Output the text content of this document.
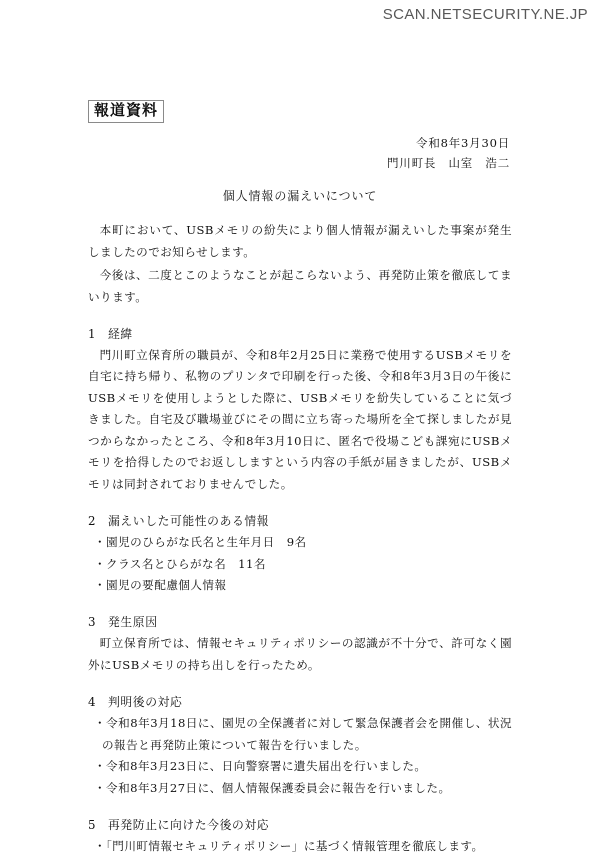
SCAN.NETSECURITY.NE.JP
報道資料
令和8年3月30日
門川町長　山室　浩二
個人情報の漏えいについて
本町において、USBメモリの紛失により個人情報が漏えいした事案が発生しましたのでお知らせします。
今後は、二度とこのようなことが起こらないよう、再発防止策を徹底してまいります。
1 経緯
門川町立保育所の職員が、令和8年2月25日に業務で使用するUSBメモリを自宅に持ち帰り、私物のプリンタで印刷を行った後、令和8年3月3日の午後にUSBメモリを使用しようとした際に、USBメモリを紛失していることに気づきました。自宅及び職場並びにその間に立ち寄った場所を全て探しましたが見つからなかったところ、令和8年3月10日に、匿名で役場こども課宛にUSBメモリを拾得したのでお返ししますという内容の手紙が届きましたが、USBメモリは同封されておりませんでした。
2 漏えいした可能性のある情報
・園児のひらがな氏名と生年月日　9名
・クラス名とひらがな名　11名
・園児の要配慮個人情報
3 発生原因
町立保育所では、情報セキュリティポリシーの認識が不十分で、許可なく園外にUSBメモリの持ち出しを行ったため。
4 判明後の対応
・令和8年3月18日に、園児の全保護者に対して緊急保護者会を開催し、状況の報告と再発防止策について報告を行いました。
・令和8年3月23日に、日向警察署に遺失届出を行いました。
・令和8年3月27日に、個人情報保護委員会に報告を行いました。
5 再発防止に向けた今後の対応
・「門川町情報セキュリティポリシー」に基づく情報管理を徹底します。
